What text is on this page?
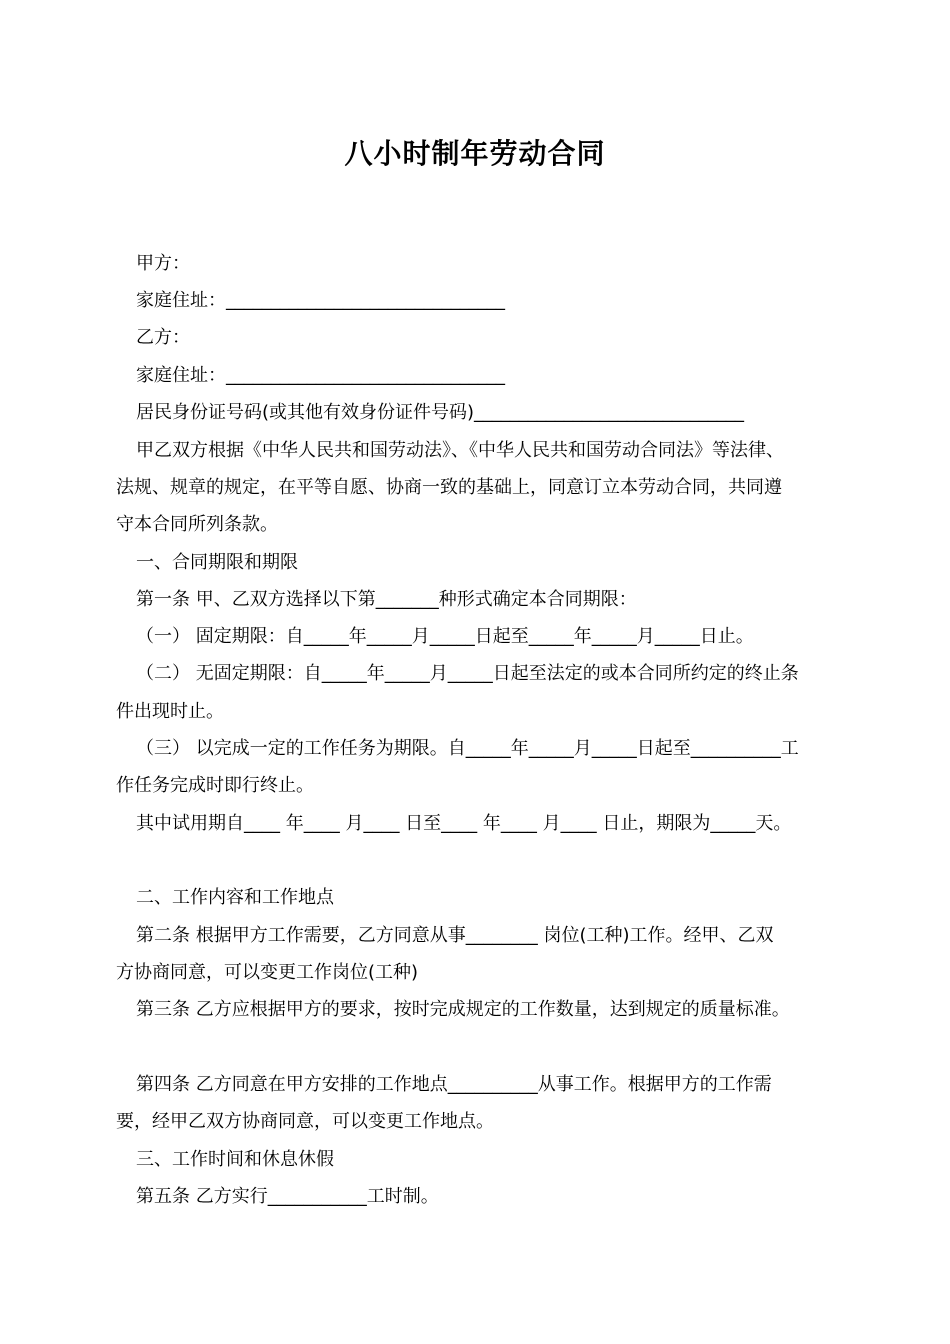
八小时制年劳动合同
甲方：
家庭住址：_______________________________
乙方：
家庭住址：_______________________________
居民身份证号码(或其他有效身份证件号码)______________________________
甲乙双方根据《中华人民共和国劳动法》、《中华人民共和国劳动合同法》等法律、
法规、规章的规定，在平等自愿、协商一致的基础上，同意订立本劳动合同，共同遵
守本合同所列条款。
一、合同期限和期限
第一条 甲、乙双方选择以下第_______种形式确定本合同期限：
（一） 固定期限：自_____年_____月_____日起至_____年_____月_____日止。
（二） 无固定期限：自_____年_____月_____日起至法定的或本合同所约定的终止条
件出现时止。
（三） 以完成一定的工作任务为期限。自_____年_____月_____日起至__________工
作任务完成时即行终止。
其中试用期自____ 年____ 月____ 日至____ 年____ 月____ 日止，期限为_____天。
二、工作内容和工作地点
第二条 根据甲方工作需要，乙方同意从事________ 岗位(工种)工作。经甲、乙双
方协商同意，可以变更工作岗位(工种)
第三条 乙方应根据甲方的要求，按时完成规定的工作数量，达到规定的质量标准。
第四条 乙方同意在甲方安排的工作地点__________从事工作。根据甲方的工作需
要，经甲乙双方协商同意，可以变更工作地点。
三、工作时间和休息休假
第五条 乙方实行___________工时制。
